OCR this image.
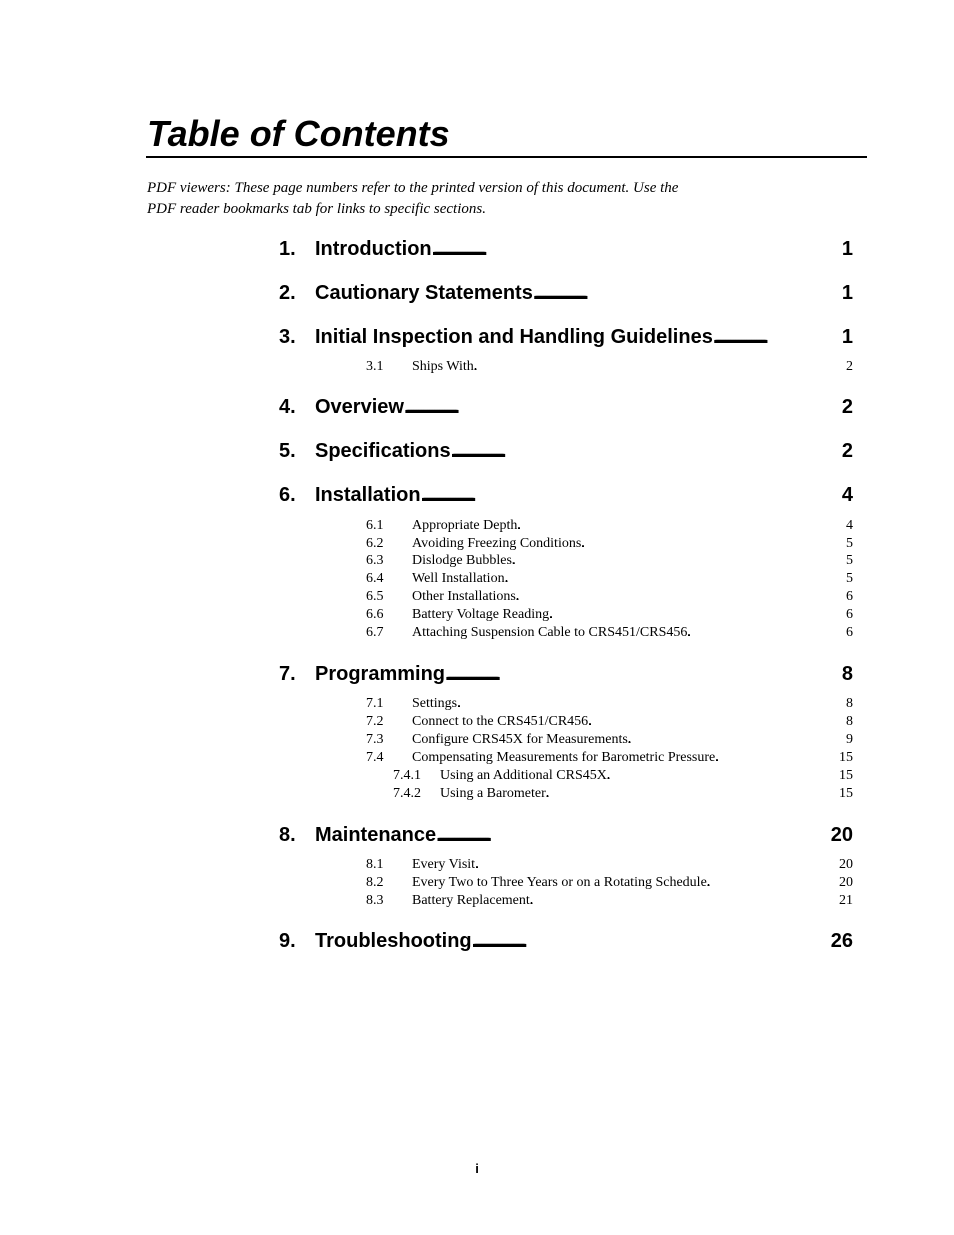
Table of Contents
PDF viewers: These page numbers refer to the printed version of this document. Use the
PDF reader bookmarks tab for links to specific sections.
1. Introduction . . .	1
2. Cautionary Statements . . .	1
3. Initial Inspection and Handling Guidelines . . .	1
3.1	Ships With . . .	2
4. Overview . . .	2
5. Specifications . . .	2
6. Installation . . .	4
6.1	Appropriate Depth . . .	4
6.2	Avoiding Freezing Conditions . . .	5
6.3	Dislodge Bubbles . . .	5
6.4	Well Installation . . .	5
6.5	Other Installations . . .	6
6.6	Battery Voltage Reading . . .	6
6.7	Attaching Suspension Cable to CRS451/CRS456 . . .	6
7. Programming . . .	8
7.1	Settings . . .	8
7.2	Connect to the CRS451/CR456 . . .	8
7.3	Configure CRS45X for Measurements . . .	9
7.4	Compensating Measurements for Barometric Pressure . . .	15
7.4.1	Using an Additional CRS45X . . .	15
7.4.2	Using a Barometer . . .	15
8. Maintenance . . .	20
8.1	Every Visit . . .	20
8.2	Every Two to Three Years or on a Rotating Schedule . . .	20
8.3	Battery Replacement . . .	21
9. Troubleshooting . . .	26
i
